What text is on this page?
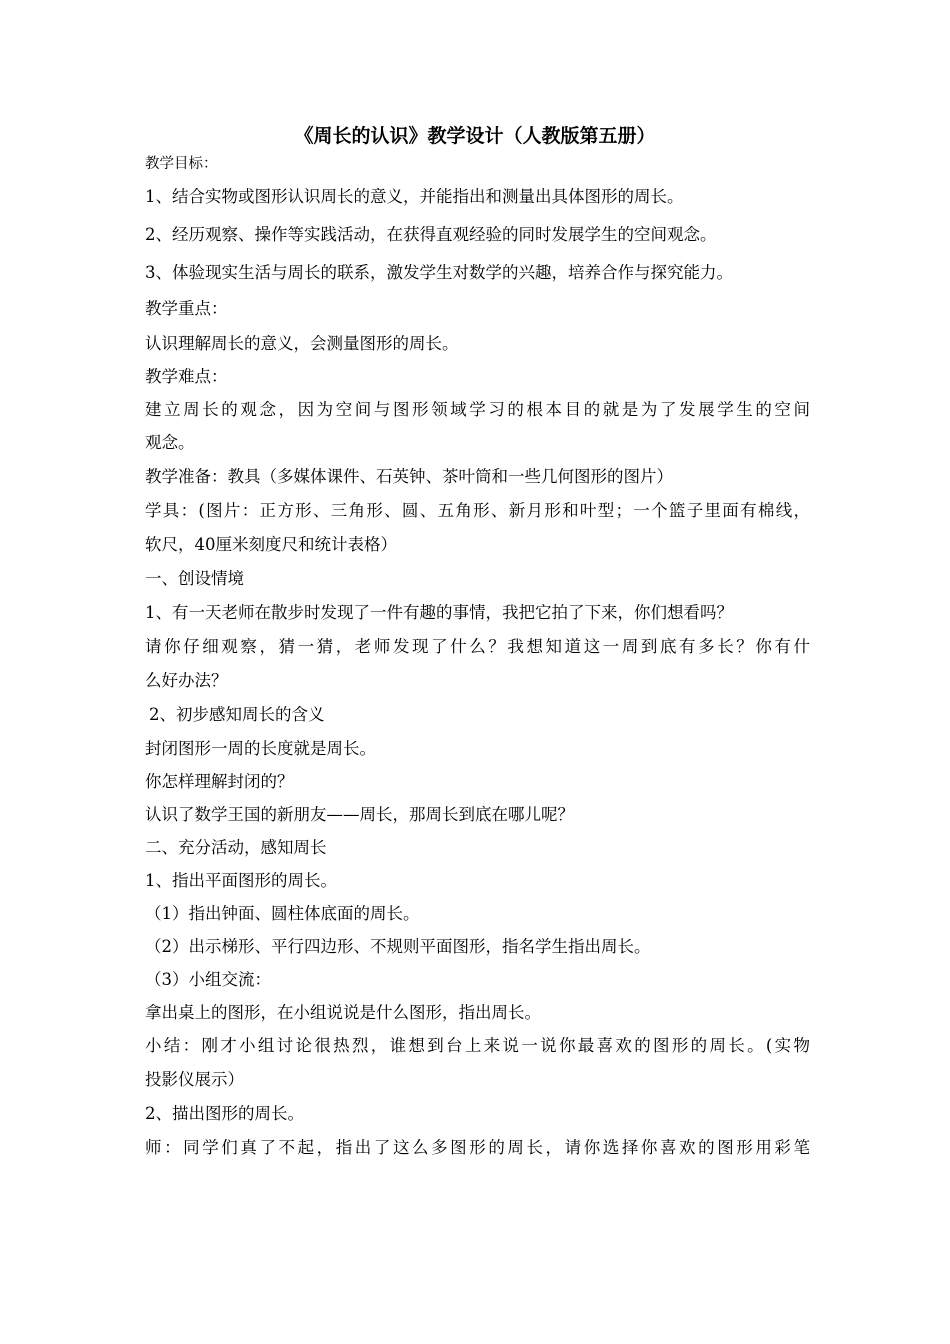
《周长的认识》教学设计（人教版第五册）
教学目标：
1、结合实物或图形认识周长的意义，并能指出和测量出具体图形的周长。
2、经历观察、操作等实践活动，在获得直观经验的同时发展学生的空间观念。
3、体验现实生活与周长的联系，激发学生对数学的兴趣，培养合作与探究能力。
教学重点：
认识理解周长的意义，会测量图形的周长。
教学难点：
建立周长的观念，因为空间与图形领域学习的根本目的就是为了发展学生的空间
观念。
教学准备：教具（多媒体课件、石英钟、茶叶筒和一些几何图形的图片）
学具：(图片：正方形、三角形、圆、五角形、新月形和叶型；一个篮子里面有棉线，
软尺，40厘米刻度尺和统计表格）
一、创设情境
1、有一天老师在散步时发现了一件有趣的事情，我把它拍了下来，你们想看吗？
请你仔细观察，猜一猜，老师发现了什么？我想知道这一周到底有多长？你有什
么好办法？
2、初步感知周长的含义
封闭图形一周的长度就是周长。
你怎样理解封闭的？
认识了数学王国的新朋友——周长，那周长到底在哪儿呢？
二、充分活动，感知周长
1、指出平面图形的周长。
（1）指出钟面、圆柱体底面的周长。
（2）出示梯形、平行四边形、不规则平面图形，指名学生指出周长。
（3）小组交流：
拿出桌上的图形，在小组说说是什么图形，指出周长。
小结：刚才小组讨论很热烈，谁想到台上来说一说你最喜欢的图形的周长。(实物
投影仪展示）
2、描出图形的周长。
师：同学们真了不起，指出了这么多图形的周长，请你选择你喜欢的图形用彩笔
